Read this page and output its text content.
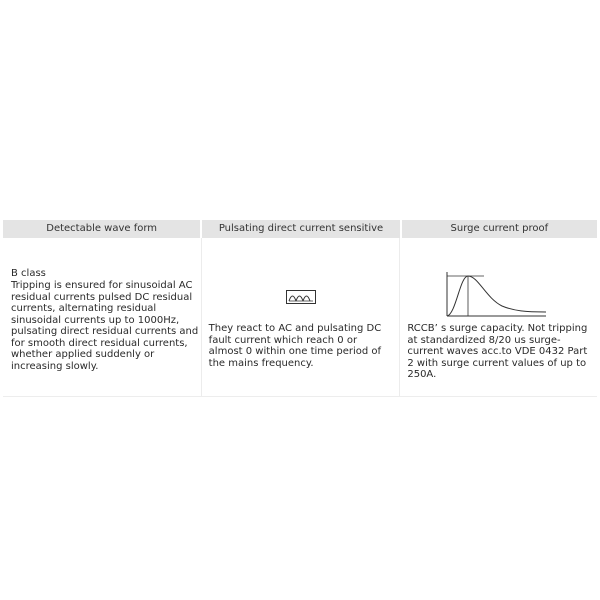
Detectable wave form	Pulsating direct current sensitive	Surge current proof
B class
Tripping is ensured for sinusoidal AC residual currents pulsed DC residual currents, alternating residual sinusoidal currents up to 1000Hz, pulsating direct residual currents and for smooth direct residual currents, whether applied suddenly or increasing slowly.
They react to AC and pulsating DC fault current which reach 0 or almost 0 within one time period of the mains frequency.
RCCB’ s surge capacity. Not tripping at standardized 8/20 us surge-current waves acc.to VDE 0432 Part 2 with surge current values of up to 250A.
